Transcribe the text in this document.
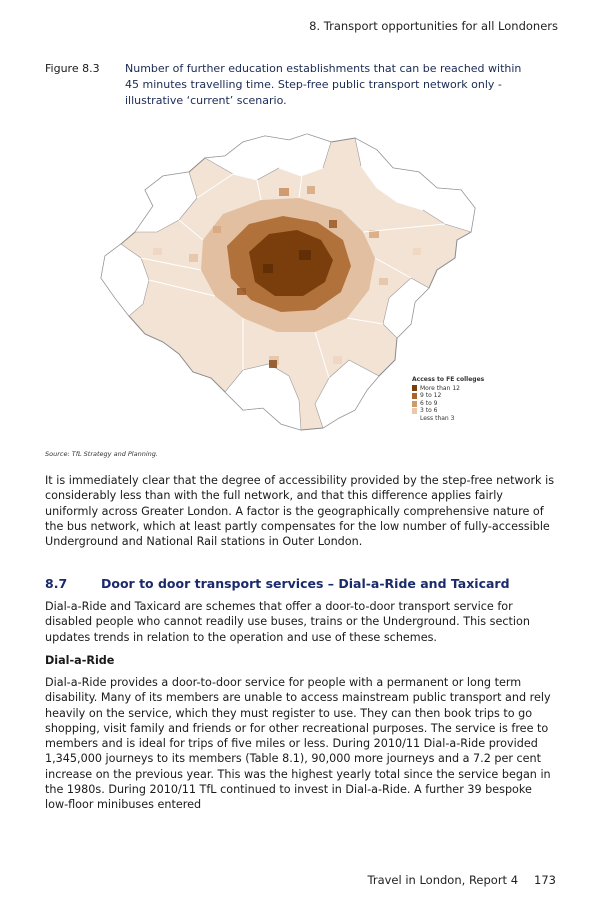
8. Transport opportunities for all Londoners
Figure 8.3 Number of further education establishments that can be reached within 45 minutes travelling time. Step-free public transport network only - illustrative ‘current’ scenario.
Access to FE colleges
More than 12
9 to 12
6 to 9
3 to 6
Less than 3
Source: TfL Strategy and Planning.
It is immediately clear that the degree of accessibility provided by the step-free network is considerably less than with the full network, and that this difference applies fairly uniformly across Greater London. A factor is the geographically comprehensive nature of the bus network, which at least partly compensates for the low number of fully-accessible Underground and National Rail stations in Outer London.
8.7	Door to door transport services – Dial-a-Ride and Taxicard
Dial-a-Ride and Taxicard are schemes that offer a door-to-door transport service for disabled people who cannot readily use buses, trains or the Underground. This section updates trends in relation to the operation and use of these schemes.
Dial-a-Ride
Dial-a-Ride provides a door-to-door service for people with a permanent or long term disability. Many of its members are unable to access mainstream public transport and rely heavily on the service, which they must register to use. They can then book trips to go shopping, visit family and friends or for other recreational purposes. The service is free to members and is ideal for trips of five miles or less. During 2010/11 Dial-a-Ride provided 1,345,000 journeys to its members (Table 8.1), 90,000 more journeys and a 7.2 per cent increase on the previous year. This was the highest yearly total since the service began in the 1980s. During 2010/11 TfL continued to invest in Dial-a-Ride. A further 39 bespoke low-floor minibuses entered
Travel in London, Report 4 173
